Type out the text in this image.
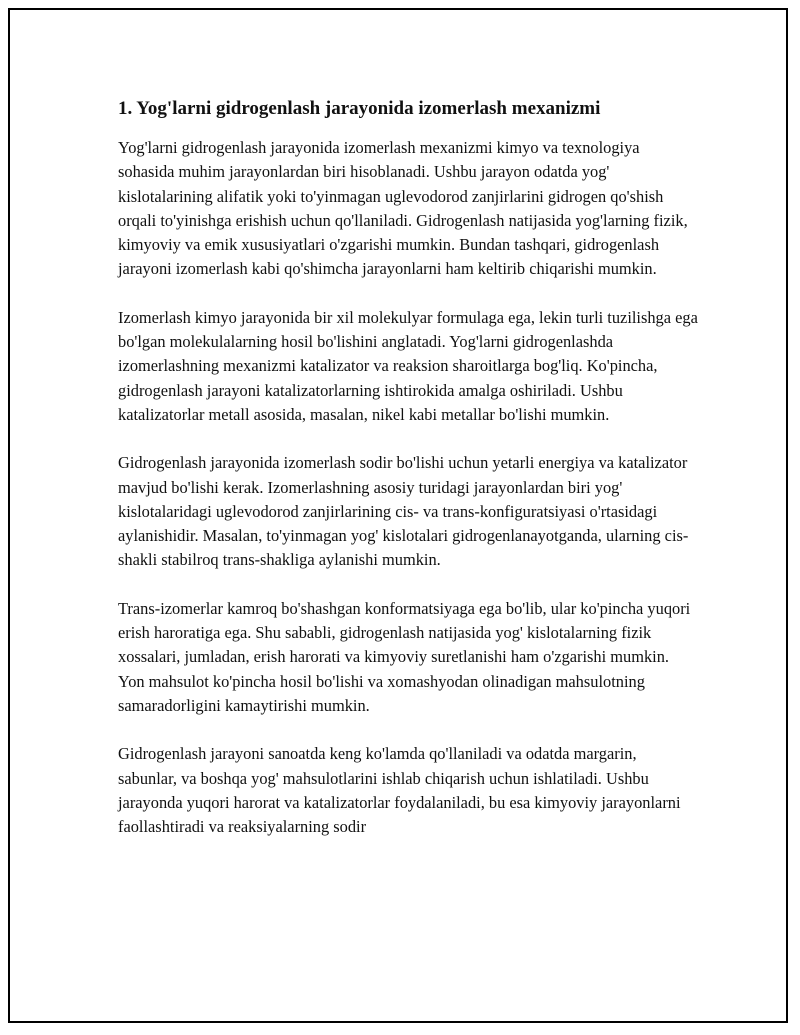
1. Yog'larni gidrogenlash jarayonida izomerlash mexanizmi

Yog'larni gidrogenlash jarayonida izomerlash mexanizmi kimyo va texnologiya sohasida muhim jarayonlardan biri hisoblanadi. Ushbu jarayon odatda yog' kislotalarining alifatik yoki to'yinmagan uglevodorod zanjirlarini gidrogen qo'shish orqali to'yinishga erishish uchun qo'llaniladi. Gidrogenlash natijasida yog'larning fizik, kimyoviy va emik xususiyatlari o'zgarishi mumkin. Bundan tashqari, gidrogenlash jarayoni izomerlash kabi qo'shimcha jarayonlarni ham keltirib chiqarishi mumkin.

Izomerlash kimyo jarayonida bir xil molekulyar formulaga ega, lekin turli tuzilishga ega bo'lgan molekulalarning hosil bo'lishini anglatadi. Yog'larni gidrogenlashda izomerlashning mexanizmi katalizator va reaksion sharoitlarga bog'liq. Ko'pincha, gidrogenlash jarayoni katalizatorlarning ishtirokida amalga oshiriladi. Ushbu katalizatorlar metall asosida, masalan, nikel kabi metallar bo'lishi mumkin.

Gidrogenlash jarayonida izomerlash sodir bo'lishi uchun yetarli energiya va katalizator mavjud bo'lishi kerak. Izomerlashning asosiy turidagi jarayonlardan biri yog' kislotalaridagi uglevodorod zanjirlarining cis- va trans-konfiguratsiyasi o'rtasidagi aylanishidir. Masalan, to'yinmagan yog' kislotalari gidrogenlanayotganda, ularning cis-shakli stabilroq trans-shakliga aylanishi mumkin.

Trans-izomerlar kamroq bo'shashgan konformatsiyaga ega bo'lib, ular ko'pincha yuqori erish haroratiga ega. Shu sababli, gidrogenlash natijasida yog' kislotalarning fizik xossalari, jumladan, erish harorati va kimyoviy suretlanishi ham o'zgarishi mumkin. Yon mahsulot ko'pincha hosil bo'lishi va xomashyodan olinadigan mahsulotning samaradorligini kamaytirishi mumkin.

Gidrogenlash jarayoni sanoatda keng ko'lamda qo'llaniladi va odatda margarin, sabunlar, va boshqa yog' mahsulotlarini ishlab chiqarish uchun ishlatiladi. Ushbu jarayonda yuqori harorat va katalizatorlar foydalaniladi, bu esa kimyoviy jarayonlarni faollashtiradi va reaksiyalarning sodir
